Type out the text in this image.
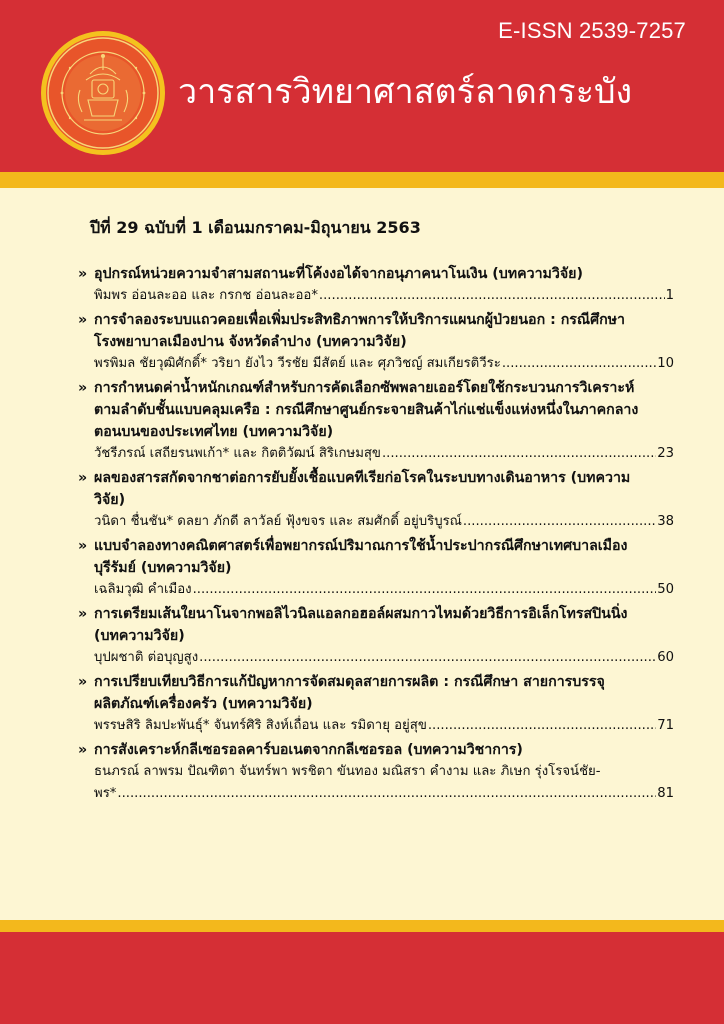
E-ISSN 2539-7257
วารสารวิทยาศาสตร์ลาดกระบัง
ปีที่ 29 ฉบับที่ 1 เดือนมกราคม-มิถุนายน 2563
» อุปกรณ์หน่วยความจำสามสถานะที่โค้งงอได้จากอนุภาคนาโนเงิน (บทความวิจัย)
พิมพร อ่อนละออ และ กรกช อ่อนละออ* .....	1
» การจำลองระบบแถวคอยเพื่อเพิ่มประสิทธิภาพการให้บริการแผนกผู้ป่วยนอก : กรณีศึกษา
โรงพยาบาลเมืองปาน จังหวัดลำปาง (บทความวิจัย)
พรพิมล ชัยวุฒิศักดิ์* วริยา ยังไว วีรชัย มีสัตย์ และ ศุภวิชญ์ สมเกียรติวีระ .....	10
» การกำหนดค่าน้ำหนักเกณฑ์สำหรับการคัดเลือกซัพพลายเออร์โดยใช้กระบวนการวิเคราะห์
ตามลำดับชั้นแบบคลุมเครือ : กรณีศึกษาศูนย์กระจายสินค้าไก่แช่แข็งแห่งหนึ่งในภาคกลาง
ตอนบนของประเทศไทย (บทความวิจัย)
วัชรีภรณ์ เสถียรนพเก้า* และ กิตติวัฒน์ สิริเกษมสุข .....	23
» ผลของสารสกัดจากชาต่อการยับยั้งเชื้อแบคทีเรียก่อโรคในระบบทางเดินอาหาร (บทความ
วิจัย)
วนิดา ชื่นชัน* ดลยา ภักดี ลาวัลย์ ฟุ้งขจร และ สมศักดิ์ อยู่บริบูรณ์ .....	38
» แบบจำลองทางคณิตศาสตร์เพื่อพยากรณ์ปริมาณการใช้น้ำประปากรณีศึกษาเทศบาลเมือง
บุรีรัมย์ (บทความวิจัย)
เฉลิมวุฒิ คำเมือง .....	50
» การเตรียมเส้นใยนาโนจากพอลิไวนิลแอลกอฮอล์ผสมกาวไหมด้วยวิธีการอิเล็กโทรสปินนิ่ง
(บทความวิจัย)
บุปผชาติ ต่อบุญสูง .....	60
» การเปรียบเทียบวิธีการแก้ปัญหาการจัดสมดุลสายการผลิต : กรณีศึกษา สายการบรรจุ
ผลิตภัณฑ์เครื่องครัว (บทความวิจัย)
พรรษสิริ ลิมปะพันธุ์* จันทร์ศิริ สิงห์เถื่อน และ รมิดายุ อยู่สุข .....	71
» การสังเคราะห์กลีเซอรอลคาร์บอเนตจากกลีเซอรอล (บทความวิชาการ)
ธนภรณ์ ลาพรม ปัณฑิตา จันทร์พา พรชิตา ขันทอง มณิสรา คำงาม และ ภิเษก รุ่งโรจน์ชัย-
พร* .....	81
